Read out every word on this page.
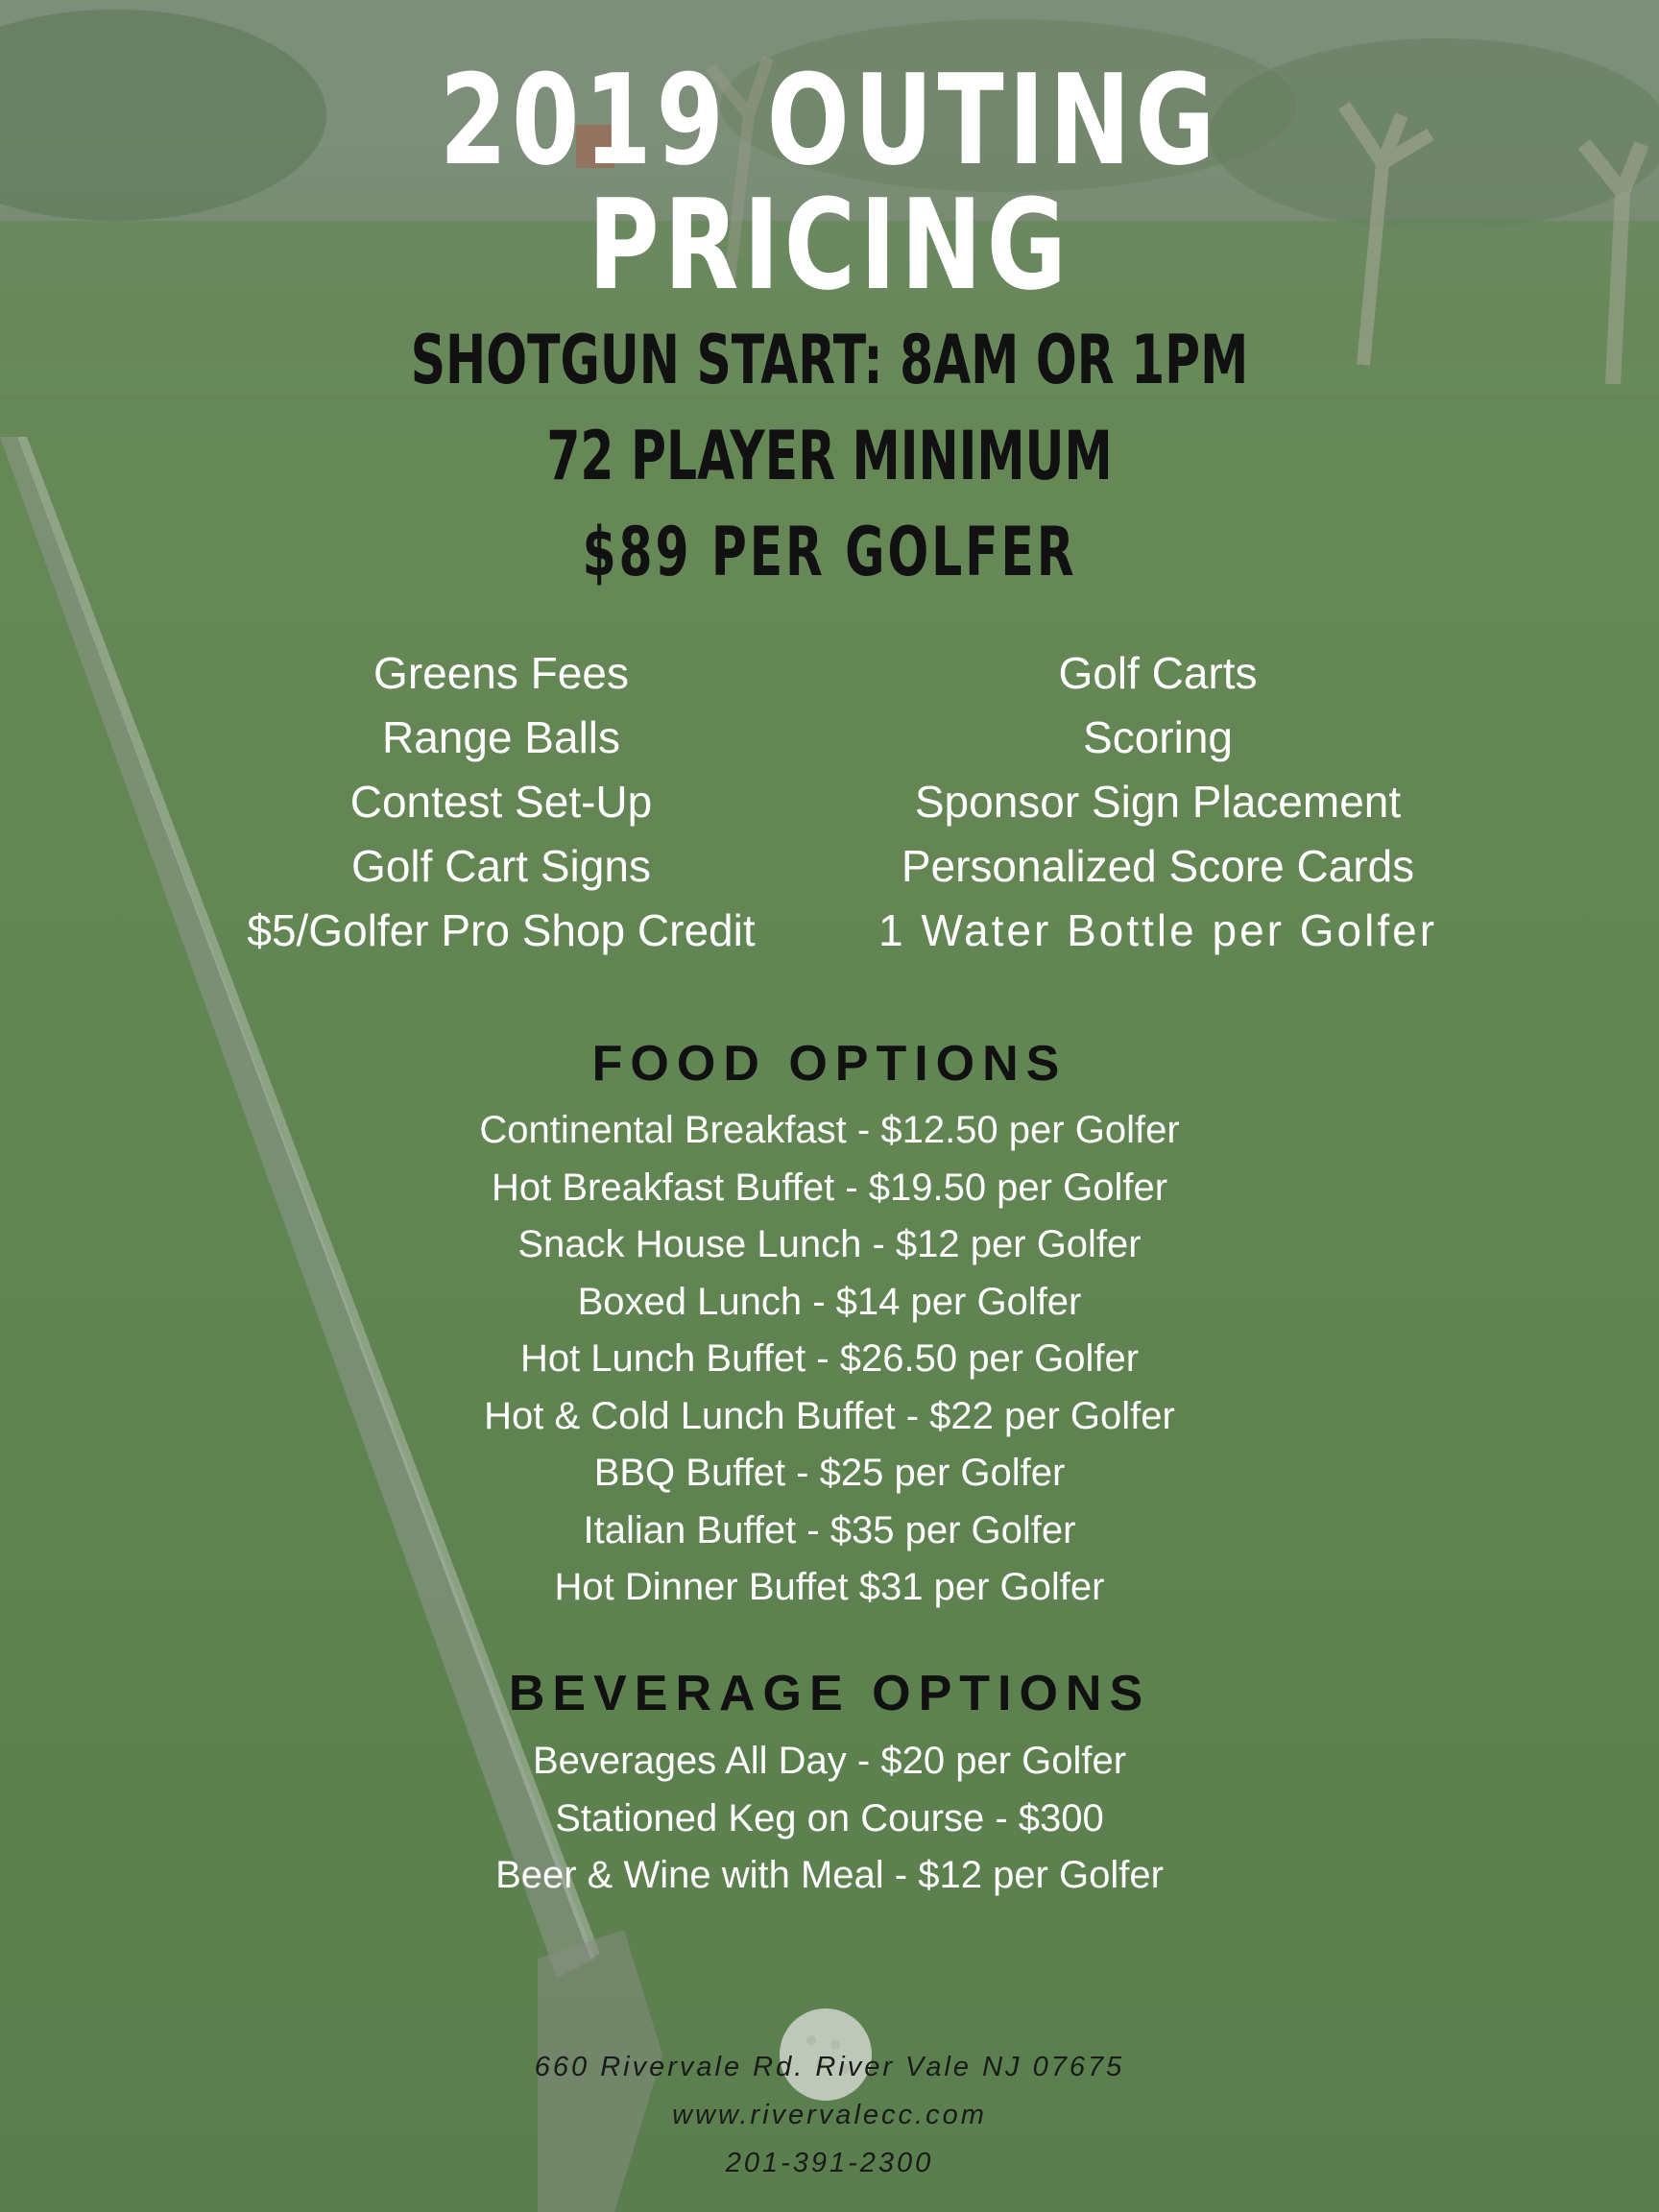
2019 OUTING PRICING
SHOTGUN START: 8AM OR 1PM
72 PLAYER MINIMUM
$89 PER GOLFER
Greens Fees
Range Balls
Contest Set-Up
Golf Cart Signs
$5/Golfer Pro Shop Credit
Golf Carts
Scoring
Sponsor Sign Placement
Personalized Score Cards
1 Water Bottle per Golfer
FOOD OPTIONS
Continental Breakfast - $12.50 per Golfer
Hot Breakfast Buffet - $19.50 per Golfer
Snack House Lunch - $12 per Golfer
Boxed Lunch - $14 per Golfer
Hot Lunch Buffet - $26.50 per Golfer
Hot & Cold Lunch Buffet - $22 per Golfer
BBQ Buffet - $25 per Golfer
Italian Buffet - $35 per Golfer
Hot Dinner Buffet $31 per Golfer
BEVERAGE OPTIONS
Beverages All Day - $20 per Golfer
Stationed Keg on Course - $300
Beer & Wine with Meal - $12 per Golfer
660 Rivervale Rd. River Vale NJ 07675
www.rivervalecc.com
201-391-2300
